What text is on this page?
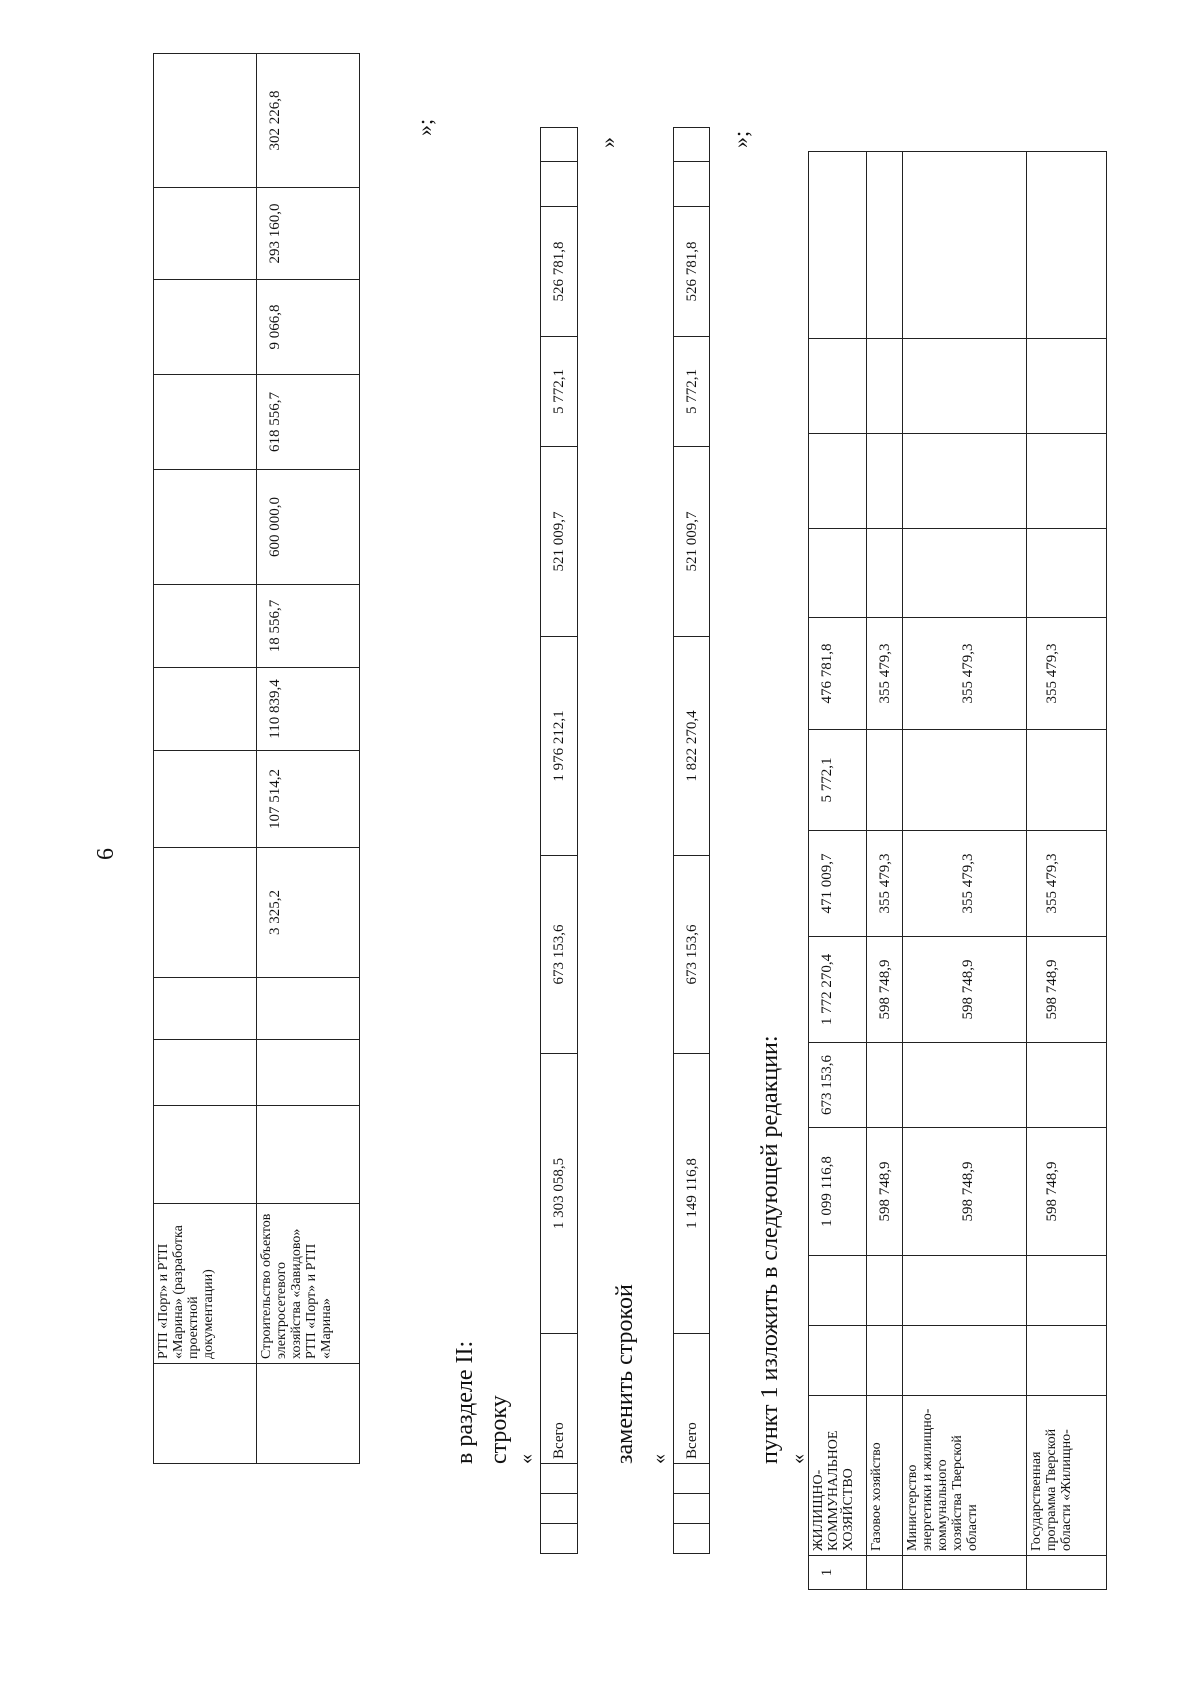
6
	РТП «Порт» и РТП «Марина» (разработка проектной документации)												
	Строительство объектов электросетевого хозяйства «Завидово» РТП «Порт» и РТП «Марина»				3 325,2	107 514,2	110 839,4	18 556,7	600 000,0	618 556,7	9 066,8	293 160,0	302 226,8	»;
в разделе II: строку «
			Всего	1 303 058,5	673 153,6	1 976 212,1	521 009,7	5 772,1	526 781,8		
»
заменить строкой «
			Всего	1 149 116,8	673 153,6	1 822 270,4	521 009,7	5 772,1	526 781,8		
»;
пункт 1 изложить в следующей редакции: «
1	ЖИЛИЩНО-КОММУНАЛЬНОЕ ХОЗЯЙСТВО			1 099 116,8	673 153,6	1 772 270,4	471 009,7	5 772,1	476 781,8				
	Газовое хозяйство			598 748,9		598 748,9	355 479,3		355 479,3				
	Министерство энергетики и жилищно-коммунального хозяйства Тверской области			598 748,9		598 748,9	355 479,3		355 479,3				
	Государственная программа Тверской области «Жилищно-			598 748,9		598 748,9	355 479,3		355 479,3				
